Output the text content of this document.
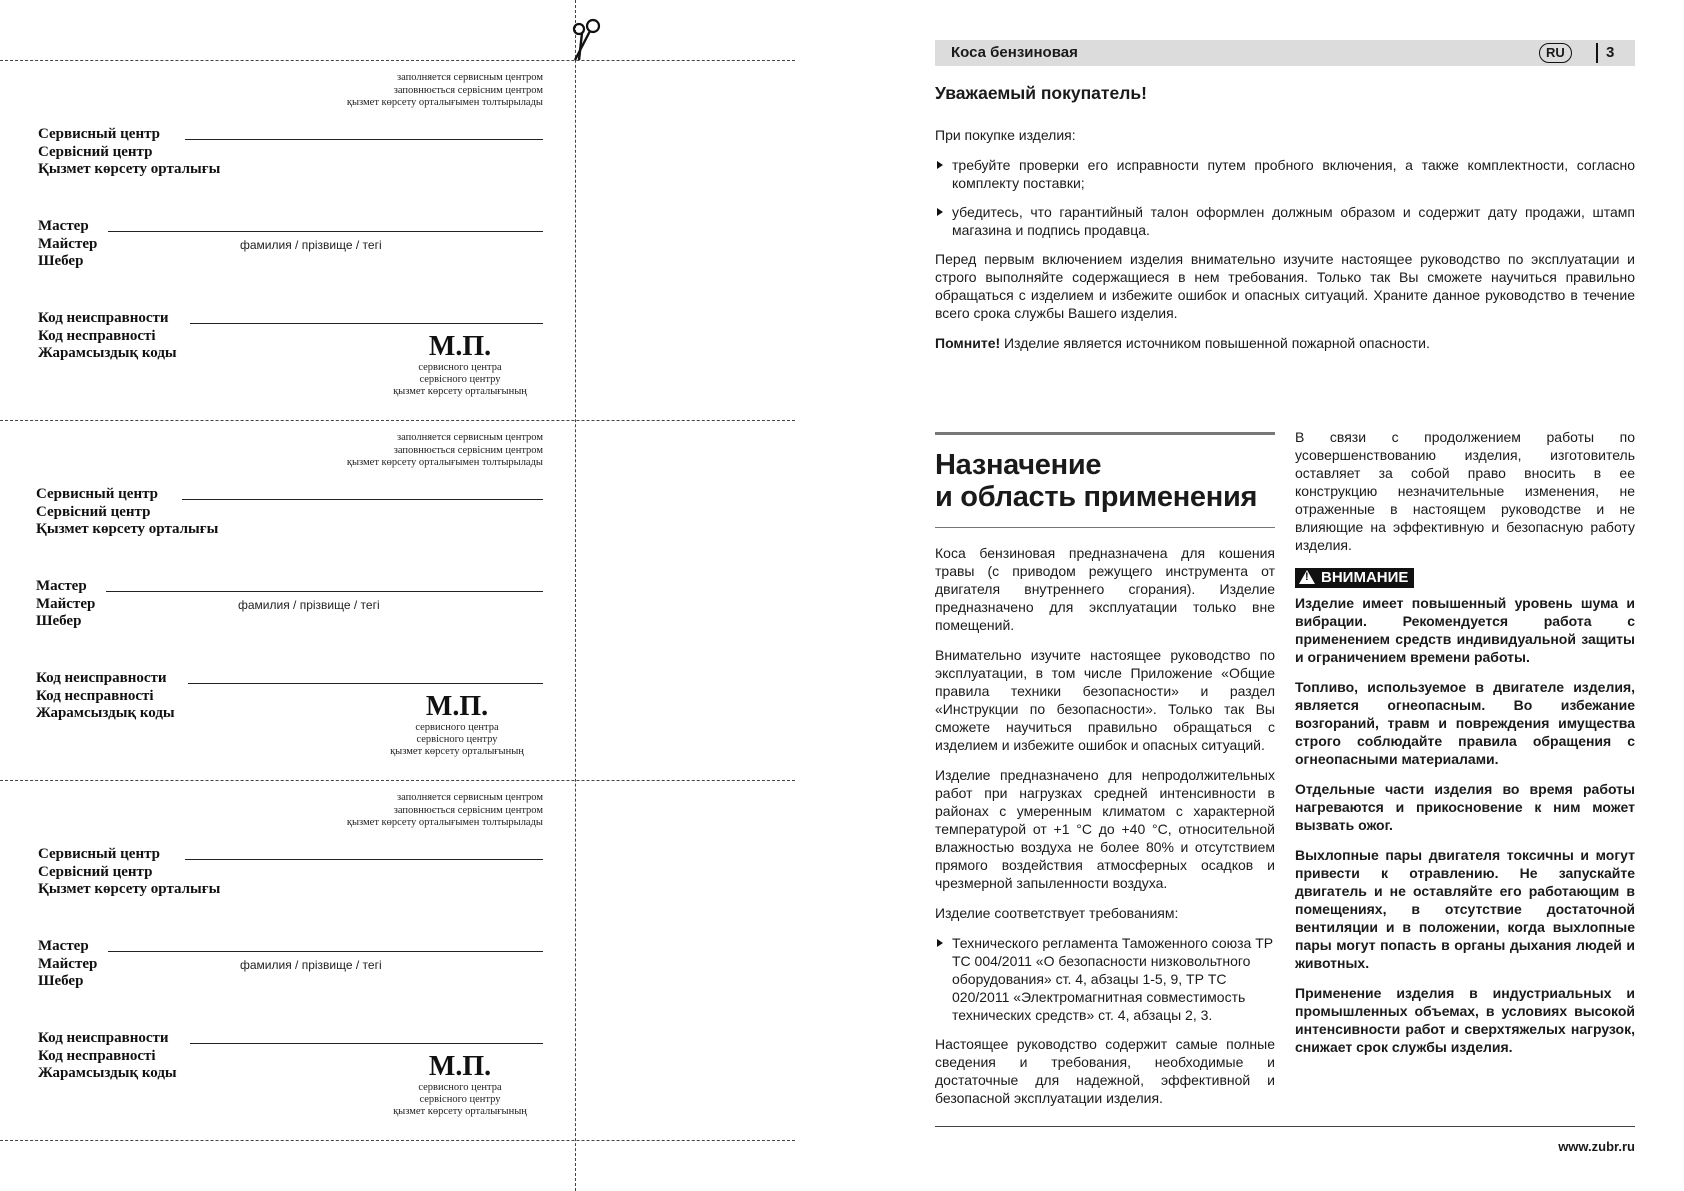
заполняется сервисным центром
заповнюється сервісним центром
қызмет көрсету орталығымен толтырылады
Сервисный центр
Сервісний центр
Қызмет көрсету орталығы
Мастер
Майстер
Шебер
фамилия / прізвище / тегі
Код неисправности
Код несправності
Жарамсыздық коды	М.П.
сервисного центра
сервісного центру
қызмет көрсету орталығының
заполняется сервисным центром
заповнюється сервісним центром
қызмет көрсету орталығымен толтырылады
Сервисный центр
Сервісний центр
Қызмет көрсету орталығы
Мастер
Майстер
Шебер
фамилия / прізвище / тегі
Код неисправности
Код несправності
Жарамсыздық коды	М.П.
сервисного центра
сервісного центру
қызмет көрсету орталығының
заполняется сервисным центром
заповнюється сервісним центром
қызмет көрсету орталығымен толтырылады
Сервисный центр
Сервісний центр
Қызмет көрсету орталығы
Мастер
Майстер
Шебер
фамилия / прізвище / тегі
Код неисправности
Код несправності
Жарамсыздық коды	М.П.
сервисного центра
сервісного центру
қызмет көрсету орталығының
Коса бензиновая	RU	3
Уважаемый покупатель!

При покупке изделия:

требуйте проверки его исправности путем пробного включения, а также комплектности, согласно комплекту поставки;
убедитесь, что гарантийный талон оформлен должным образом и содержит дату продажи, штамп магазина и подпись продавца.

Перед первым включением изделия внимательно изучите настоящее руководство по эксплуатации и строго выполняйте содержащиеся в нем требования. Только так Вы сможете научиться правильно обращаться с изделием и избежите ошибок и опасных ситуаций. Храните данное руководство в течение всего срока службы Вашего изделия.

Помните! Изделие является источником повышенной пожарной опасности.

Назначение
и область применения

Коса бензиновая предназначена для кошения травы (с приводом режущего инструмента от двигателя внутреннего сгорания). Изделие предназначено для эксплуатации только вне помещений.

Внимательно изучите настоящее руководство по эксплуатации, в том числе Приложение «Общие правила техники безопасности» и раздел «Инструкции по безопасности». Только так Вы сможете научиться правильно обращаться с изделием и избежите ошибок и опасных ситуаций.

Изделие предназначено для непродолжительных работ при нагрузках средней интенсивности в районах с умеренным климатом с характерной температурой от +1 °С до +40 °С, относительной влажностью воздуха не более 80% и отсутствием прямого воздействия атмосферных осадков и чрезмерной запыленности воздуха.

Изделие соответствует требованиям:

Технического регламента Таможенного союза ТР ТС 004/2011 «О безопасности низковольтного оборудования» ст. 4, абзацы 1-5, 9, ТР ТС 020/2011 «Электромагнитная совместимость технических средств» ст. 4, абзацы 2, 3.

Настоящее руководство содержит самые полные сведения и требования, необходимые и достаточные для надежной, эффективной и безопасной эксплуатации изделия.

В связи с продолжением работы по усовершенствованию изделия, изготовитель оставляет за собой право вносить в ее конструкцию незначительные изменения, не отраженные в настоящем руководстве и не влияющие на эффективную и безопасную работу изделия.

!ВНИМАНИЕ

Изделие имеет повышенный уровень шума и вибрации. Рекомендуется работа с применением средств индивидуальной защиты и ограничением времени работы.

Топливо, используемое в двигателе изделия, является огнеопасным. Во избежание возгораний, травм и повреждения имущества строго соблюдайте правила обращения с огнеопасными материалами.

Отдельные части изделия во время работы нагреваются и прикосновение к ним может вызвать ожог.

Выхлопные пары двигателя токсичны и могут привести к отравлению. Не запускайте двигатель и не оставляйте его работающим в помещениях, в отсутствие достаточной вентиляции и в положении, когда выхлопные пары могут попасть в органы дыхания людей и животных.

Применение изделия в индустриальных и промышленных объемах, в условиях высокой интенсивности работ и сверхтяжелых нагрузок, снижает срок службы изделия.

www.zubr.ru
